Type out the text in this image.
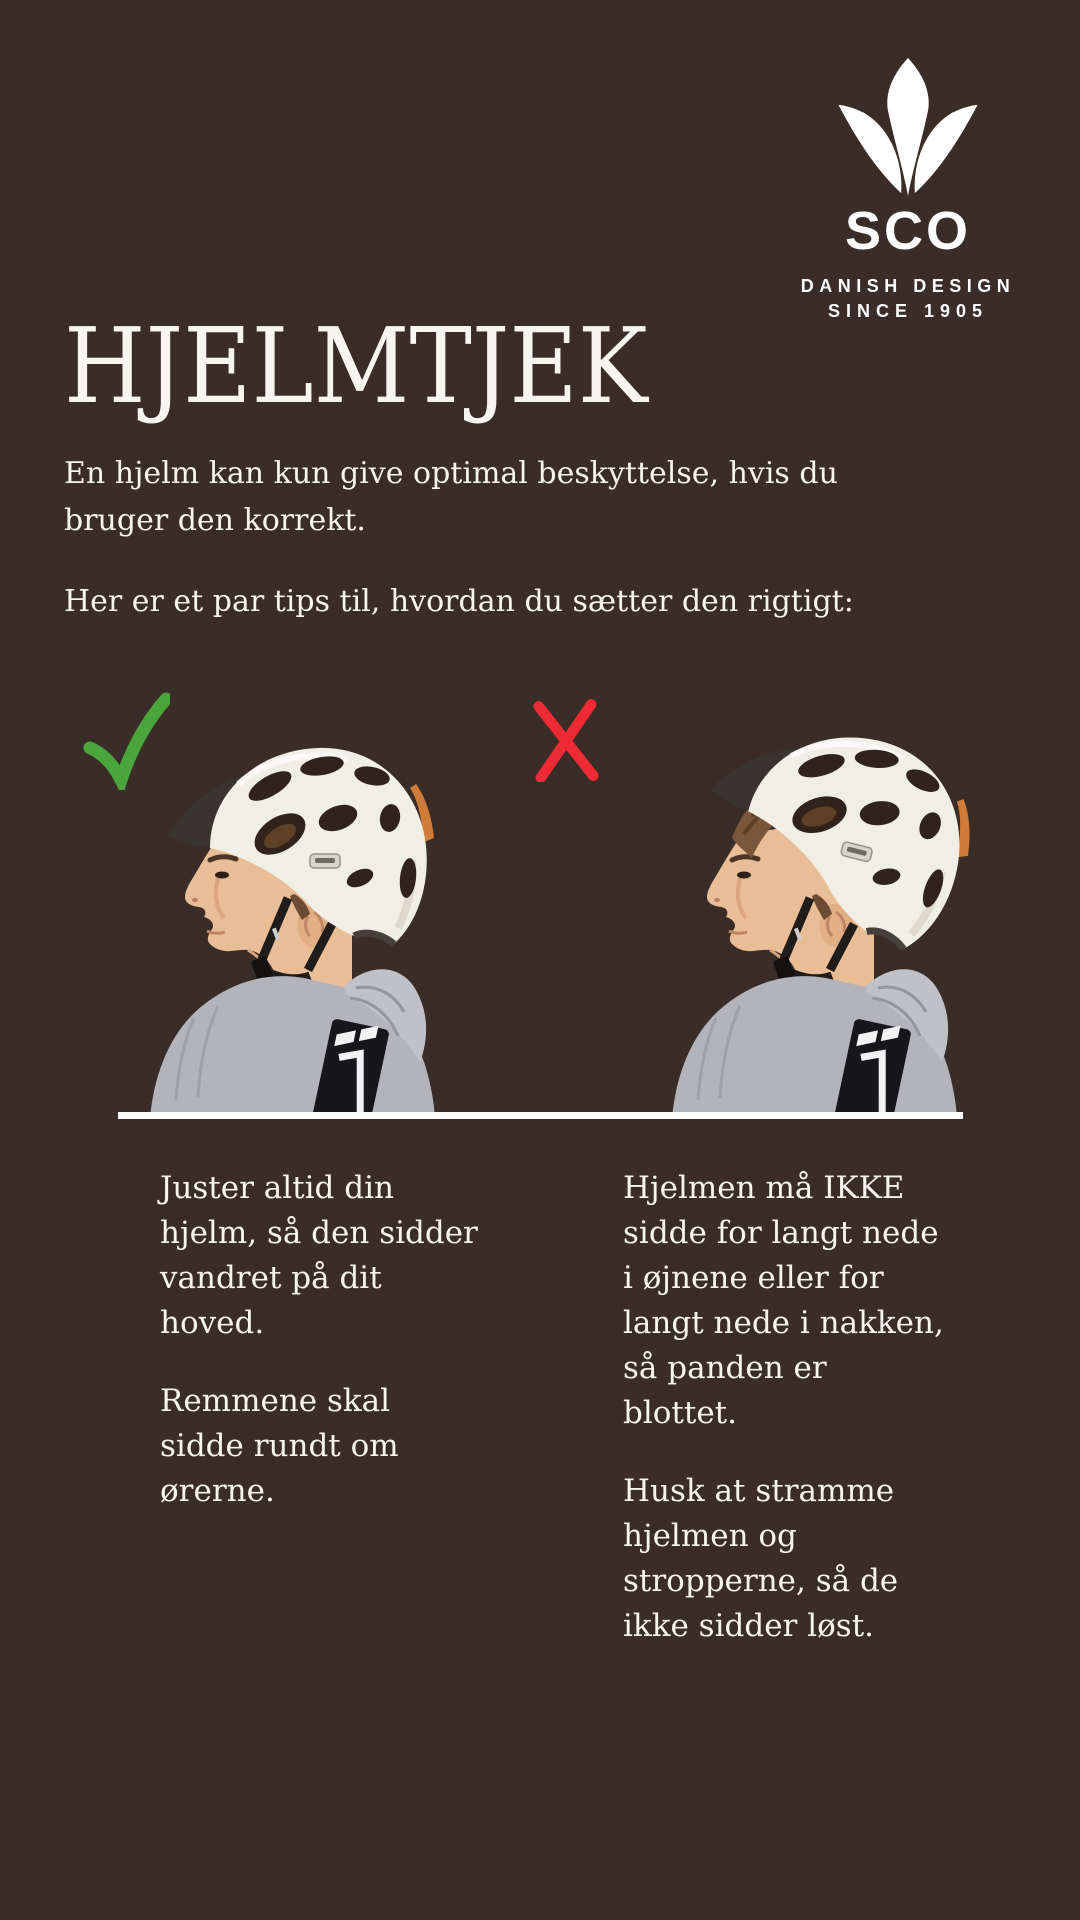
SCO
DANISH DESIGN
SINCE 1905
HJELMTJEK
En hjelm kan kun give optimal beskyttelse, hvis du
bruger den korrekt.
Her er et par tips til, hvordan du sætter den rigtigt:
Juster altid din
hjelm, så den sidder
vandret på dit
hoved.
Remmene skal
sidde rundt om
ørerne.
Hjelmen må IKKE
sidde for langt nede
i øjnene eller for
langt nede i nakken,
så panden er
blottet.
Husk at stramme
hjelmen og
stropperne, så de
ikke sidder løst.
